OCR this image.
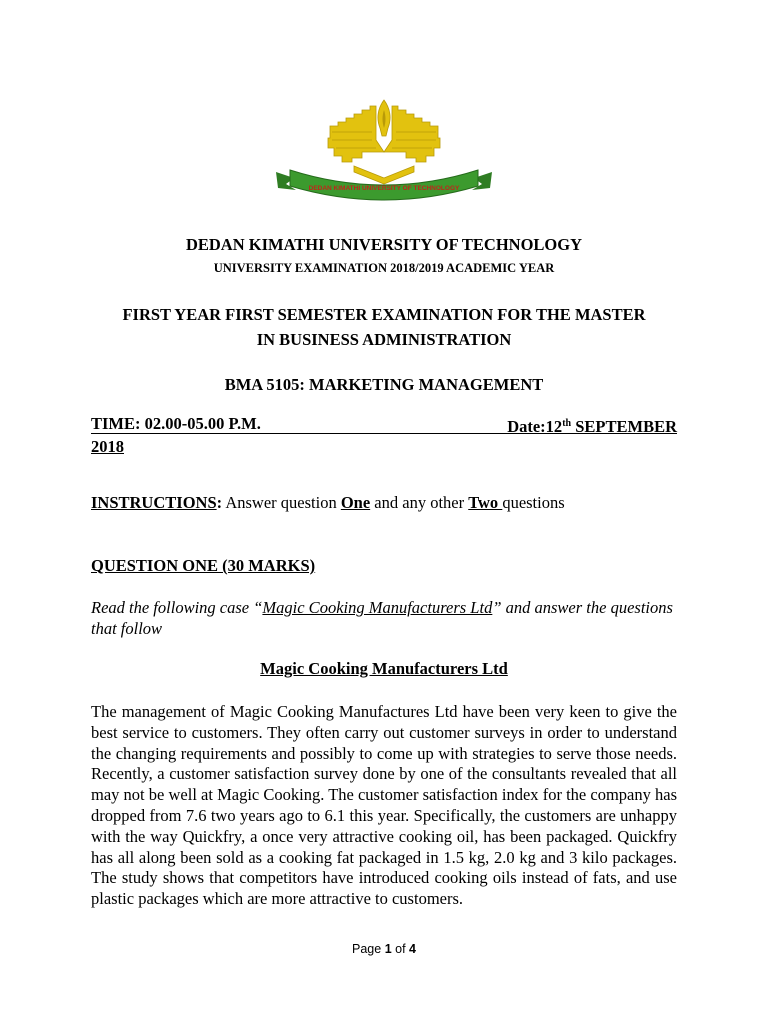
DEDAN KIMATHI UNIVERSITY OF TECHNOLOGY
DEDAN KIMATHI UNIVERSITY OF TECHNOLOGY
UNIVERSITY EXAMINATION 2018/2019 ACADEMIC YEAR
FIRST YEAR FIRST SEMESTER EXAMINATION FOR THE MASTER
IN BUSINESS ADMINISTRATION
BMA 5105: MARKETING MANAGEMENT
TIME: 02.00-05.00 P.M.	Date:12th SEPTEMBER
2018
INSTRUCTIONS: Answer question One and any other Two questions
QUESTION ONE (30 MARKS)
Read the following case “Magic Cooking Manufacturers Ltd” and answer the questions that follow
Magic Cooking Manufacturers Ltd

The management of Magic Cooking Manufactures Ltd have been very keen to give the best service to customers. They often carry out customer surveys in order to understand the changing requirements and possibly to come up with strategies to serve those needs. Recently, a customer satisfaction survey done by one of the consultants revealed that all may not be well at Magic Cooking. The customer satisfaction index for the company has dropped from 7.6 two years ago to 6.1 this year. Specifically, the customers are unhappy with the way Quickfry, a once very attractive cooking oil, has been packaged. Quickfry has all along been sold as a cooking fat packaged in 1.5 kg, 2.0 kg and 3 kilo packages. The study shows that competitors have introduced cooking oils instead of fats, and use plastic packages which are more attractive to customers.

Page 1 of 4
